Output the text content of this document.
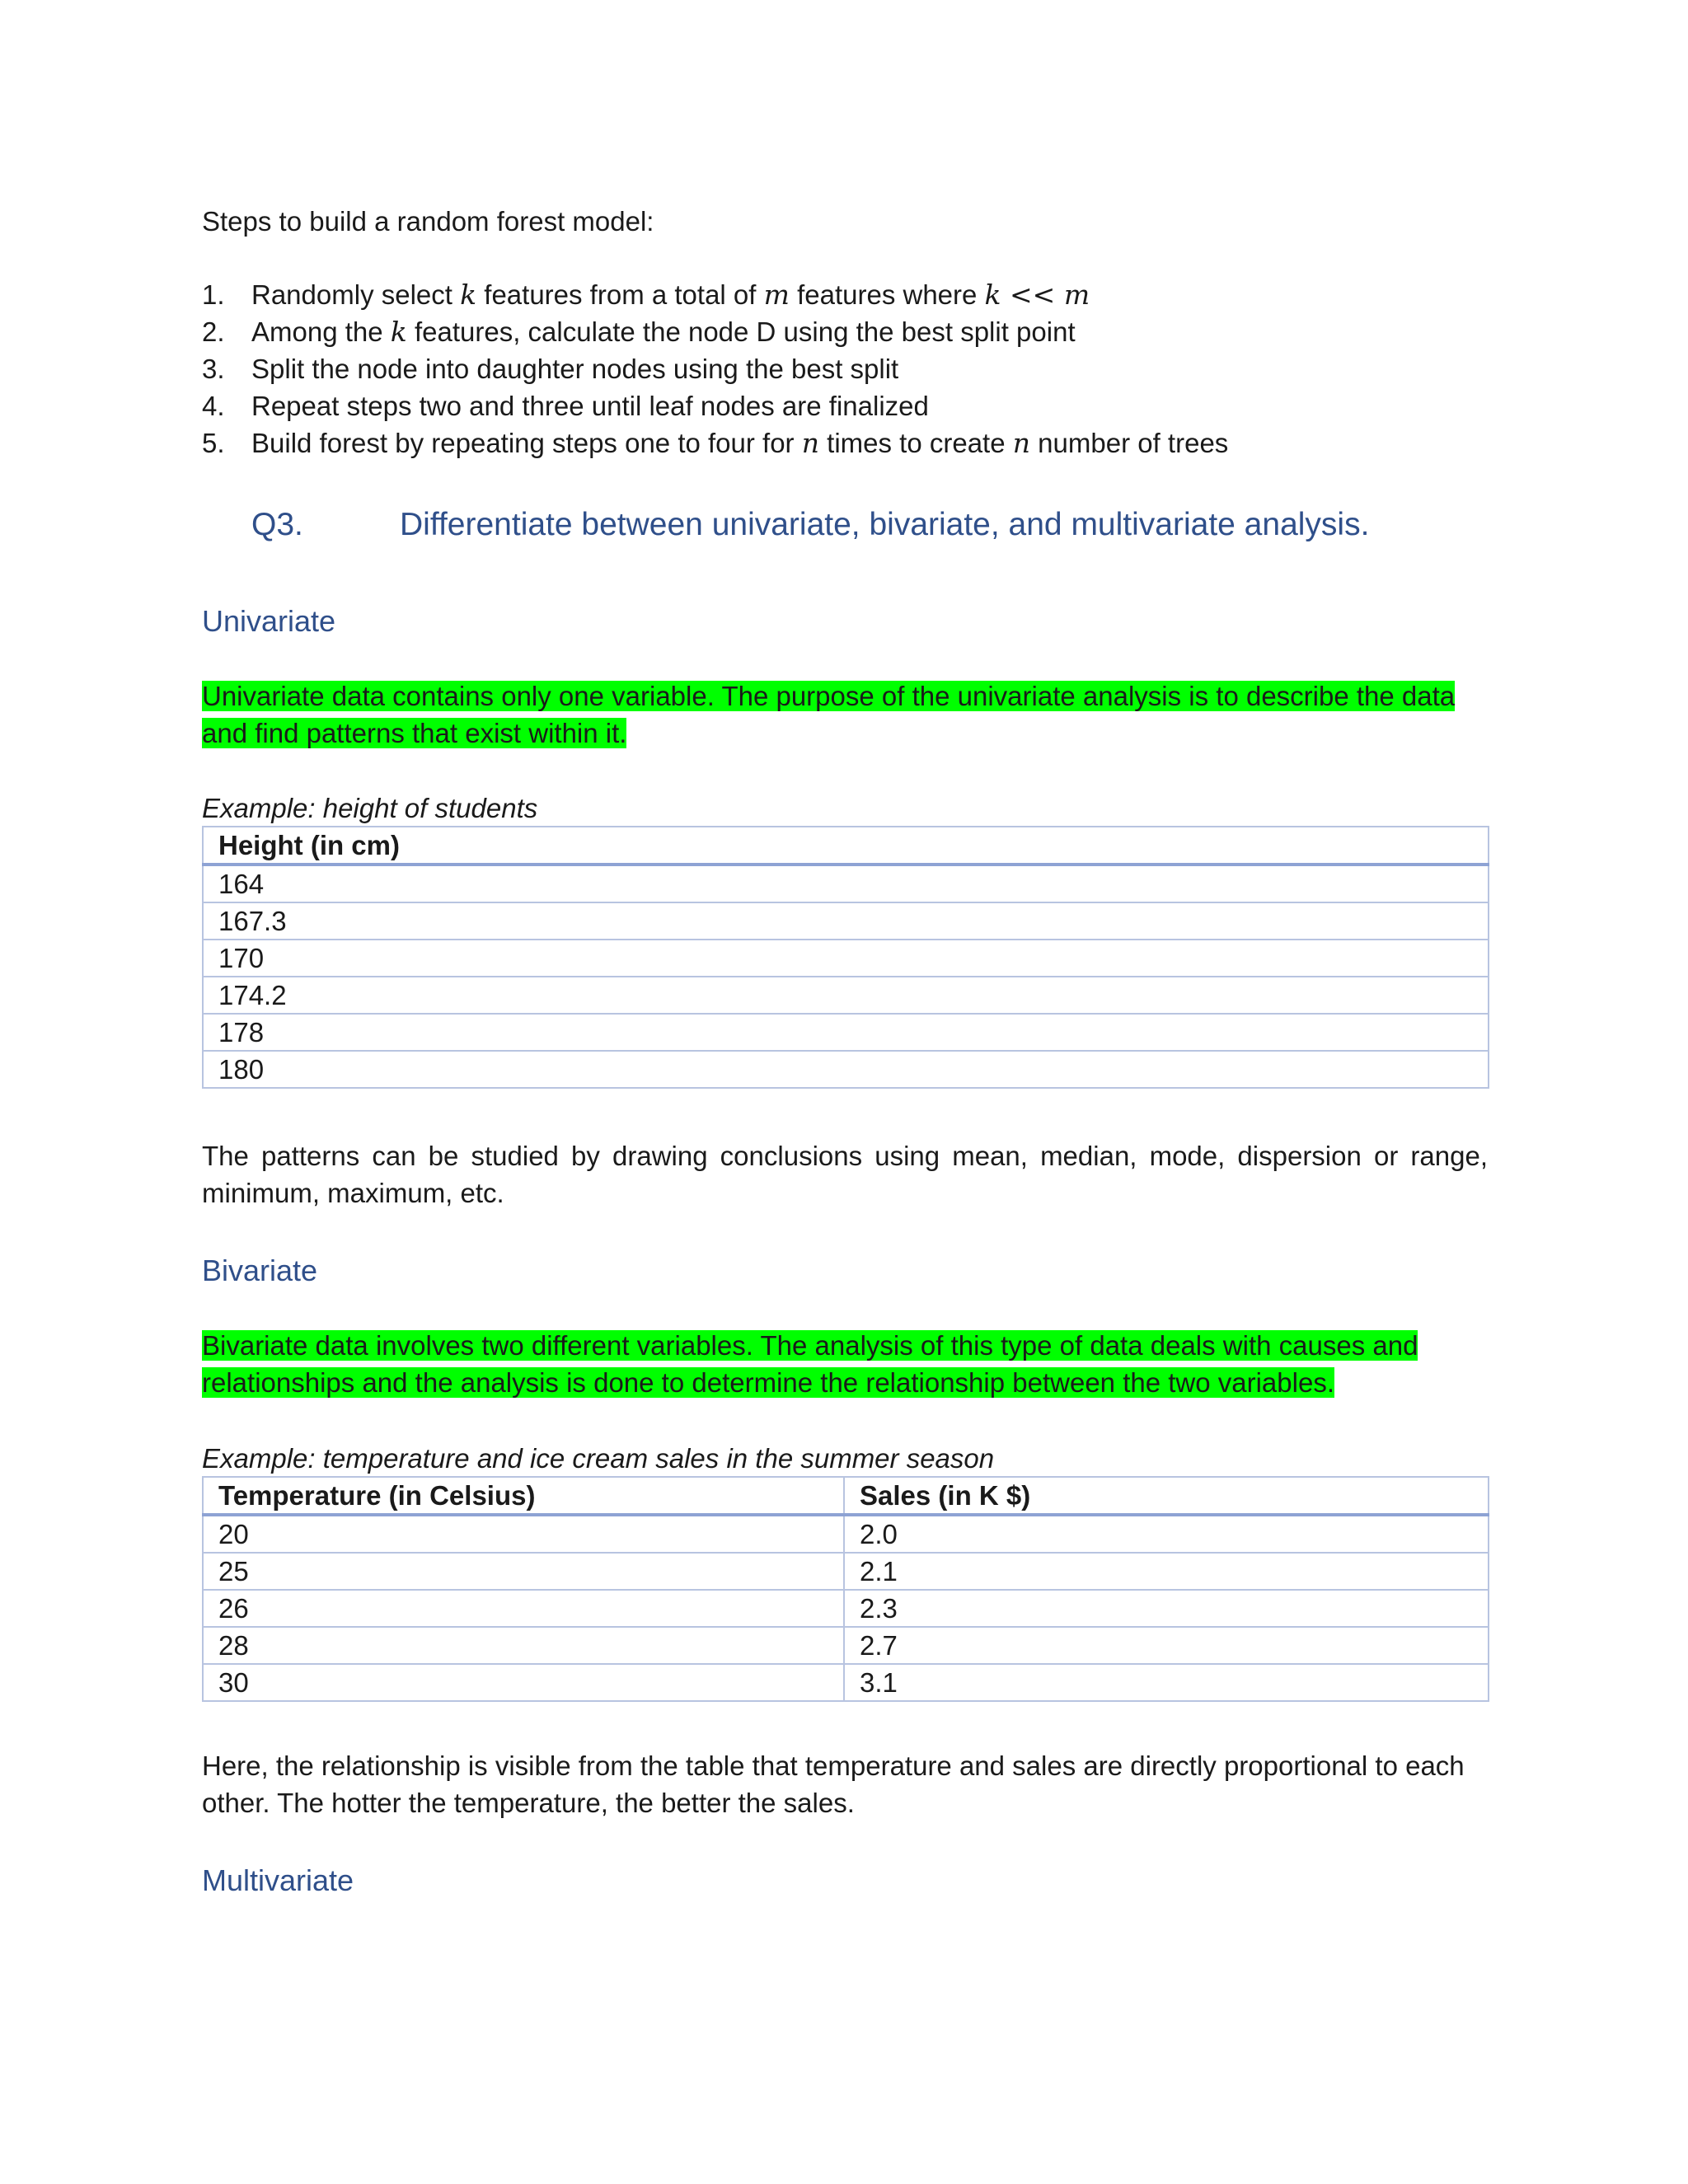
Steps to build a random forest model:
1. Randomly select k features from a total of m features where k << m
2. Among the k features, calculate the node D using the best split point
3. Split the node into daughter nodes using the best split
4. Repeat steps two and three until leaf nodes are finalized
5. Build forest by repeating steps one to four for n times to create n number of trees
Q3.	Differentiate between univariate, bivariate, and multivariate analysis.
Univariate
Univariate data contains only one variable. The purpose of the univariate analysis is to describe the data
and find patterns that exist within it.
Example: height of students
Height (in cm)
164
167.3
170
174.2
178
180
The patterns can be studied by drawing conclusions using mean, median, mode, dispersion or range, minimum, maximum, etc.
Bivariate
Bivariate data involves two different variables. The analysis of this type of data deals with causes and
relationships and the analysis is done to determine the relationship between the two variables.
Example: temperature and ice cream sales in the summer season
Temperature (in Celsius)	Sales (in K $)
20	2.0
25	2.1
26	2.3
28	2.7
30	3.1
Here, the relationship is visible from the table that temperature and sales are directly proportional to each other. The hotter the temperature, the better the sales.
Multivariate
